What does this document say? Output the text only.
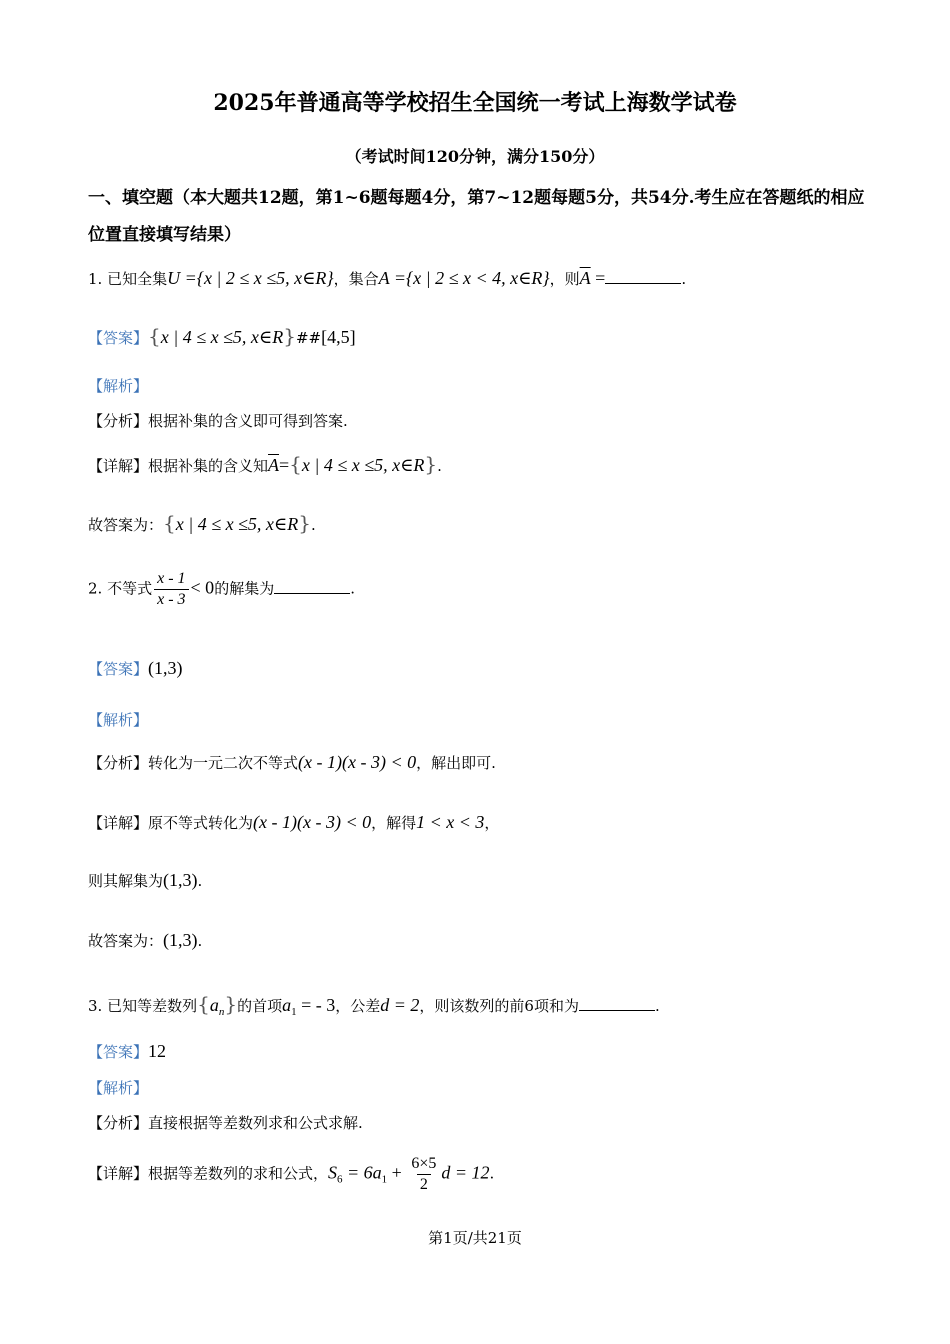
2025年普通高等学校招生全国统一考试上海数学试卷
（考试时间120分钟，满分150分）
一、填空题（本大题共12题，第1~6题每题4分，第7~12题每题5分，共54分.考生应在答题纸的相应位置直接填写结果）
1. 已知全集U ={x | 2 ≤ x ≤5, x∈R}，集合A ={x | 2 ≤ x < 4, x∈R}，则$\overline{A}$ =	.
【答案】{x | 4 ≤ x ≤5, x∈R}##[4,5]
【解析】
【分析】根据补集的含义即可得到答案.
【详解】根据补集的含义知$\overline{A}=\{x$ | 4 ≤ x ≤5, x∈R}.
故答案为：{x | 4 ≤ x ≤5, x∈R}.
2. 不等式 $\frac{x - 1}{x - 3} < 0$的解集为	.
【答案】(1,3)
【解析】
【分析】转化为一元二次不等式(x - 1)(x - 3) < 0，解出即可.
【详解】原不等式转化为(x - 1)(x - 3) < 0，解得1 < x < 3，
则其解集为(1,3).
故答案为：(1,3).
3. 已知等差数列$\{a_n\}$的首项$a_1$ = - 3，公差d = 2，则该数列的前6项和为	.
【答案】12
【解析】
【分析】直接根据等差数列求和公式求解.
【详解】根据等差数列的求和公式，$S_6 = 6a_1 + \frac{6\times 5}{2}$ d = 12.
第1页/共21页
